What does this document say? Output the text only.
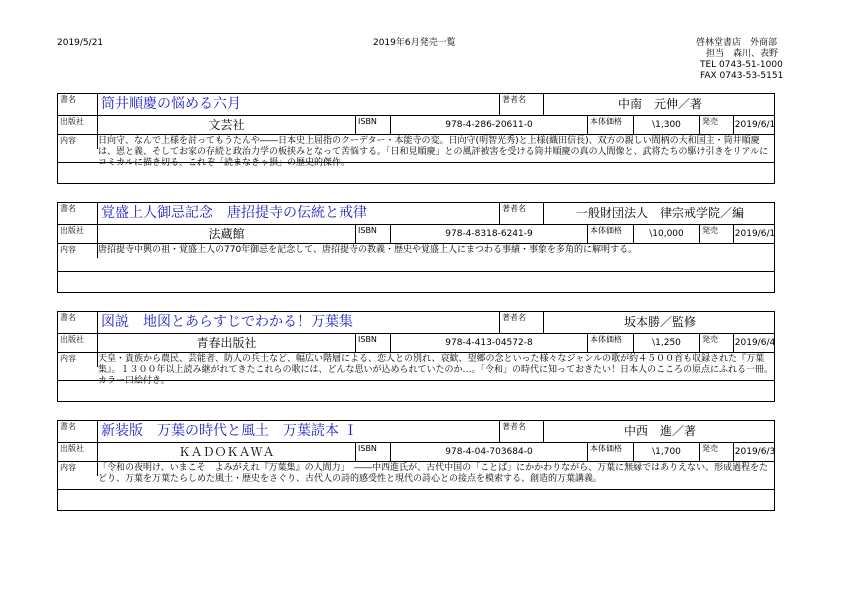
2019/5/21	2019年6月発売一覧	啓林堂書店　外商部
担当　森川、表野
TEL 0743-51-1000
FAX 0743-53-5151
書名	筒井順慶の悩める六月	著者名	中南　元伸／著
出版社	文芸社	ISBN	978-4-286-20611-0	本体価格	\1,300	発売	2019/6/1
内容	日向守、なんで上様を討ってもうたんや――日本史上屈指のクーデター・本能寺の変。日向守(明智光秀)と上様(織田信長)、双方の親しい間柄の大和国主・筒井順慶は、恩と義、そしてお家の存続と政治力学の板挟みとなって苦悩する。「日和見順慶」との風評被害を受ける筒井順慶の真の人間像と、武将たちの駆け引きをリアルにコミカルに描き切る、これぞ「読まなきゃ損」の歴史的傑作。
書名	覚盛上人御忌記念　唐招提寺の伝統と戒律	著者名	一般財団法人　律宗戒学院／編
出版社	法蔵館	ISBN	978-4-8318-6241-9	本体価格	\10,000	発売	2019/6/1
内容	唐招提寺中興の祖・覚盛上人の770年御忌を記念して、唐招提寺の教義・歴史や覚盛上人にまつわる事績・事象を多角的に解明する。
書名	図説　地図とあらすじでわかる！万葉集	著者名	坂本勝／監修
出版社	青春出版社	ISBN	978-4-413-04572-8	本体価格	\1,250	発売	2019/6/4
内容	天皇・貴族から農民、芸能者、防人の兵士など、幅広い階層による、恋人との別れ、哀歓、望郷の念といった様々なジャンルの歌が約４５００首も収録された『万葉集』。１３００年以上読み継がれてきたこれらの歌には、どんな思いが込められていたのか…。「令和」の時代に知っておきたい！日本人のこころの原点にふれる一冊。カラー口絵付き。
書名	新装版　万葉の時代と風土　万葉読本 Ｉ	著者名	中西　進／著
出版社	ＫＡＤＯＫＡＷＡ	ISBN	978-4-04-703684-0	本体価格	\1,700	発売	2019/6/3
内容	「令和の夜明け、いまこそ　よみがえれ『万葉集』の人間力」　――中西進氏が、古代中国の「ことば」にかかわりながら、万葉に無縁ではありえない。形成過程をたどり、万葉を万葉たらしめた風土・歴史をさぐり、古代人の詩的感受性と現代の詩心との接点を模索する、創造的万葉講義。
